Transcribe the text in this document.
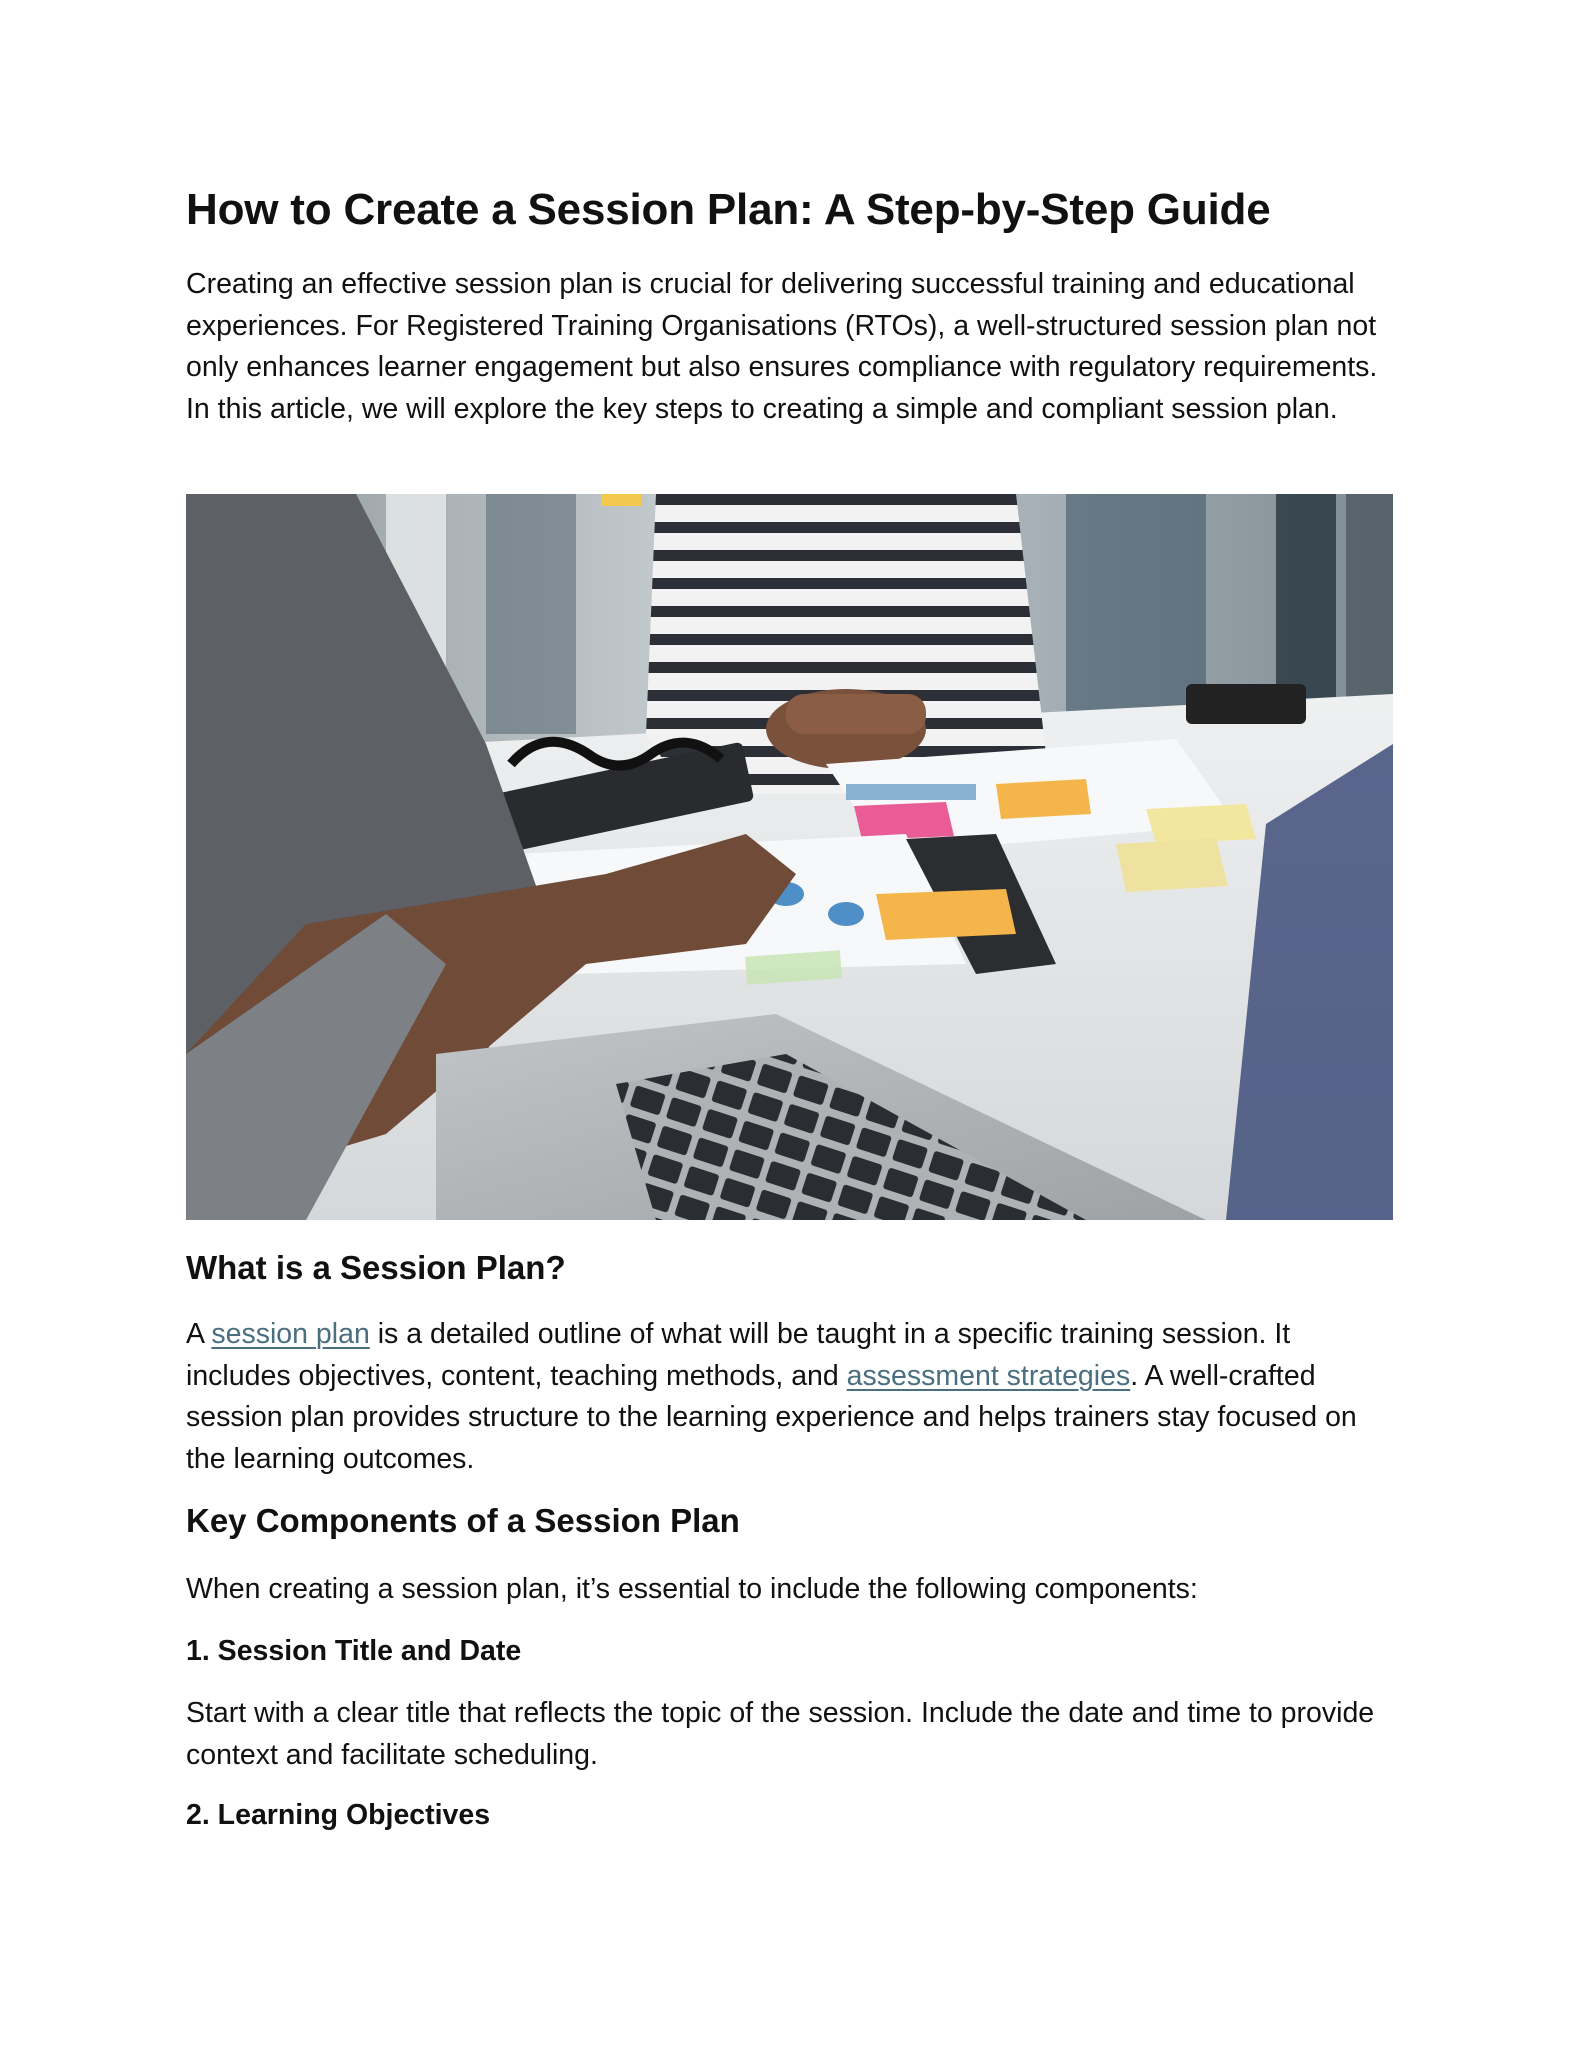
How to Create a Session Plan: A Step-by-Step Guide

Creating an effective session plan is crucial for delivering successful training and educational experiences. For Registered Training Organisations (RTOs), a well-structured session plan not only enhances learner engagement but also ensures compliance with regulatory requirements. In this article, we will explore the key steps to creating a simple and compliant session plan.

What is a Session Plan?

A session plan is a detailed outline of what will be taught in a specific training session. It includes objectives, content, teaching methods, and assessment strategies. A well-crafted session plan provides structure to the learning experience and helps trainers stay focused on the learning outcomes.

Key Components of a Session Plan

When creating a session plan, it’s essential to include the following components:

1. Session Title and Date

Start with a clear title that reflects the topic of the session. Include the date and time to provide context and facilitate scheduling.

2. Learning Objectives
